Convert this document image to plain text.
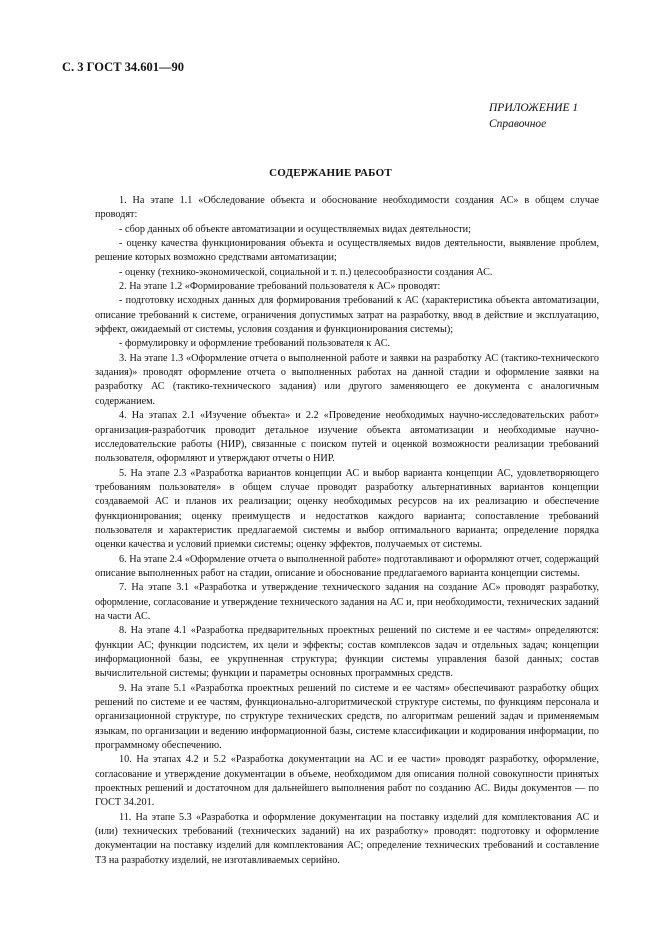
С. 3 ГОСТ 34.601—90
ПРИЛОЖЕНИЕ 1
Справочное
СОДЕРЖАНИЕ РАБОТ

1. На этапе 1.1 «Обследование объекта и обоснование необходимости создания АС» в общем случае проводят:

- сбор данных об объекте автоматизации и осуществляемых видах деятельности;

- оценку качества функционирования объекта и осуществляемых видов деятельности, выявление проблем, решение которых возможно средствами автоматизации;

- оценку (технико-экономической, социальной и т. п.) целесообразности создания АС.

2. На этапе 1.2 «Формирование требований пользователя к АС» проводят:

- подготовку исходных данных для формирования требований к АС (характеристика объекта автоматизации, описание требований к системе, ограничения допустимых затрат на разработку, ввод в действие и эксплуатацию, эффект, ожидаемый от системы, условия создания и функционирования системы);

- формулировку и оформление требований пользователя к АС.

3. На этапе 1.3 «Оформление отчета о выполненной работе и заявки на разработку АС (тактико-технического задания)» проводят оформление отчета о выполненных работах на данной стадии и оформление заявки на разработку АС (тактико-технического задания) или другого заменяющего ее документа с аналогичным содержанием.

4. На этапах 2.1 «Изучение объекта» и 2.2 «Проведение необходимых научно-исследовательских работ» организация-разработчик проводит детальное изучение объекта автоматизации и необходимые научно-исследовательские работы (НИР), связанные с поиском путей и оценкой возможности реализации требований пользователя, оформляют и утверждают отчеты о НИР.

5. На этапе 2.3 «Разработка вариантов концепции АС и выбор варианта концепции АС, удовлетворяющего требованиям пользователя» в общем случае проводят разработку альтернативных вариантов концепции создаваемой АС и планов их реализации; оценку необходимых ресурсов на их реализацию и обеспечение функционирования; оценку преимуществ и недостатков каждого варианта; сопоставление требований пользователя и характеристик предлагаемой системы и выбор оптимального варианта; определение порядка оценки качества и условий приемки системы; оценку эффектов, получаемых от системы.

6. На этапе 2.4 «Оформление отчета о выполненной работе» подготавливают и оформляют отчет, содержащий описание выполненных работ на стадии, описание и обоснование предлагаемого варианта концепции системы.

7. На этапе 3.1 «Разработка и утверждение технического задания на создание АС» проводят разработку, оформление, согласование и утверждение технического задания на АС и, при необходимости, технических заданий на части АС.

8. На этапе 4.1 «Разработка предварительных проектных решений по системе и ее частям» определяются: функции АС; функции подсистем, их цели и эффекты; состав комплексов задач и отдельных задач; концепции информационной базы, ее укрупненная структура; функции системы управления базой данных; состав вычислительной системы; функции и параметры основных программных средств.

9. На этапе 5.1 «Разработка проектных решений по системе и ее частям» обеспечивают разработку общих решений по системе и ее частям, функционально-алгоритмической структуре системы, по функциям персонала и организационной структуре, по структуре технических средств, по алгоритмам решений задач и применяемым языкам, по организации и ведению информационной базы, системе классификации и кодирования информации, по программному обеспечению.

10. На этапах 4.2 и 5.2 «Разработка документации на АС и ее части» проводят разработку, оформление, согласование и утверждение документации в объеме, необходимом для описания полной совокупности принятых проектных решений и достаточном для дальнейшего выполнения работ по созданию АС. Виды документов — по ГОСТ 34.201.

11. На этапе 5.3 «Разработка и оформление документации на поставку изделий для комплектования АС и (или) технических требований (технических заданий) на их разработку» проводят: подготовку и оформление документации на поставку изделий для комплектования АС; определение технических требований и составление ТЗ на разработку изделий, не изготавливаемых серийно.
